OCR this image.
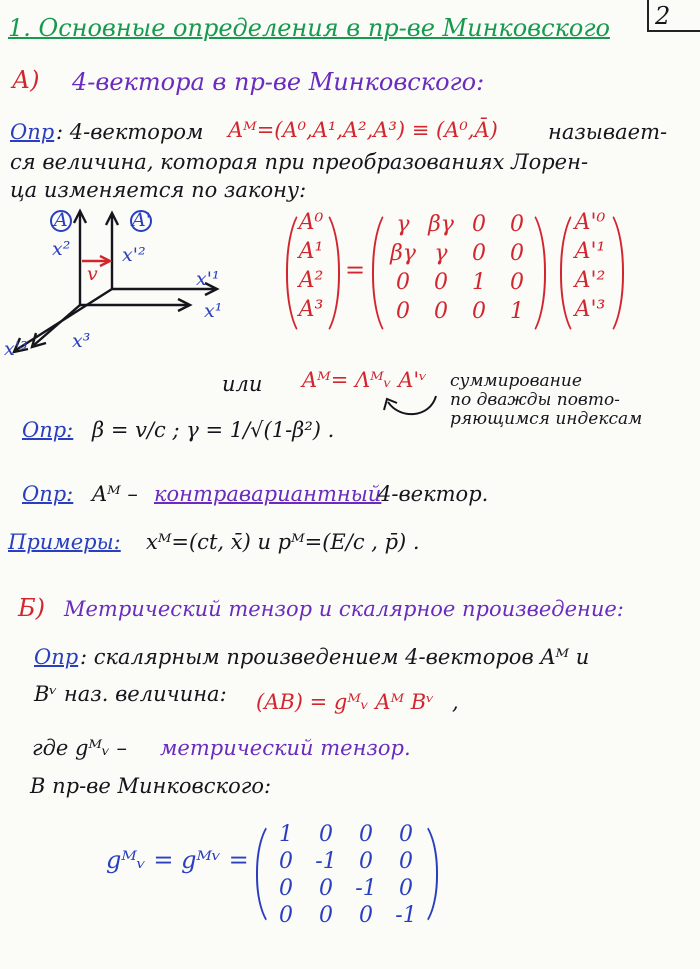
2
1. Основные определения в пр-ве Минковского
А) 4-вектора в пр-ве Минковского:
Опр : 4-вектором Aᴹ=(A⁰,A¹,A²,A³) ≡ (A⁰,Ā) называет-
ся величина, которая при преобразованиях Лорен-
ца изменяется по закону:
A	A'
x²	x'²
v	x'¹
x¹
x'³ x³
A⁰
A¹
A²
A³
=
γ βγ 0	0
βγ γ	0	0
0	0	1	0
0	0	0	1
A'⁰
A'¹
A'²
A'³
или Aᴹ= Λᴹᵥ A'ᵛ суммирование
по дважды повто-
ряющимся индексам
Опр: β = v/c ; γ = 1/√(1-β²) .
Опр: Aᴹ – контравариантный
4-вектор.
Примеры: xᴹ=(ct, x̄) и pᴹ=(E/c , p̄) .
Б) Метрический тензор и скалярное произведение:
Опр : скалярным произведением 4-векторов Aᴹ и
Bᵛ наз. величина: (AB) = gᴹᵥ Aᴹ Bᵛ ,
где gᴹᵥ – метрический тензор.
В пр-ве Минковского:
gᴹᵥ = gᴹᵛ =
1	0	0	0
0	-1	0	0
0	0	-1	0
0	0	0	-1
